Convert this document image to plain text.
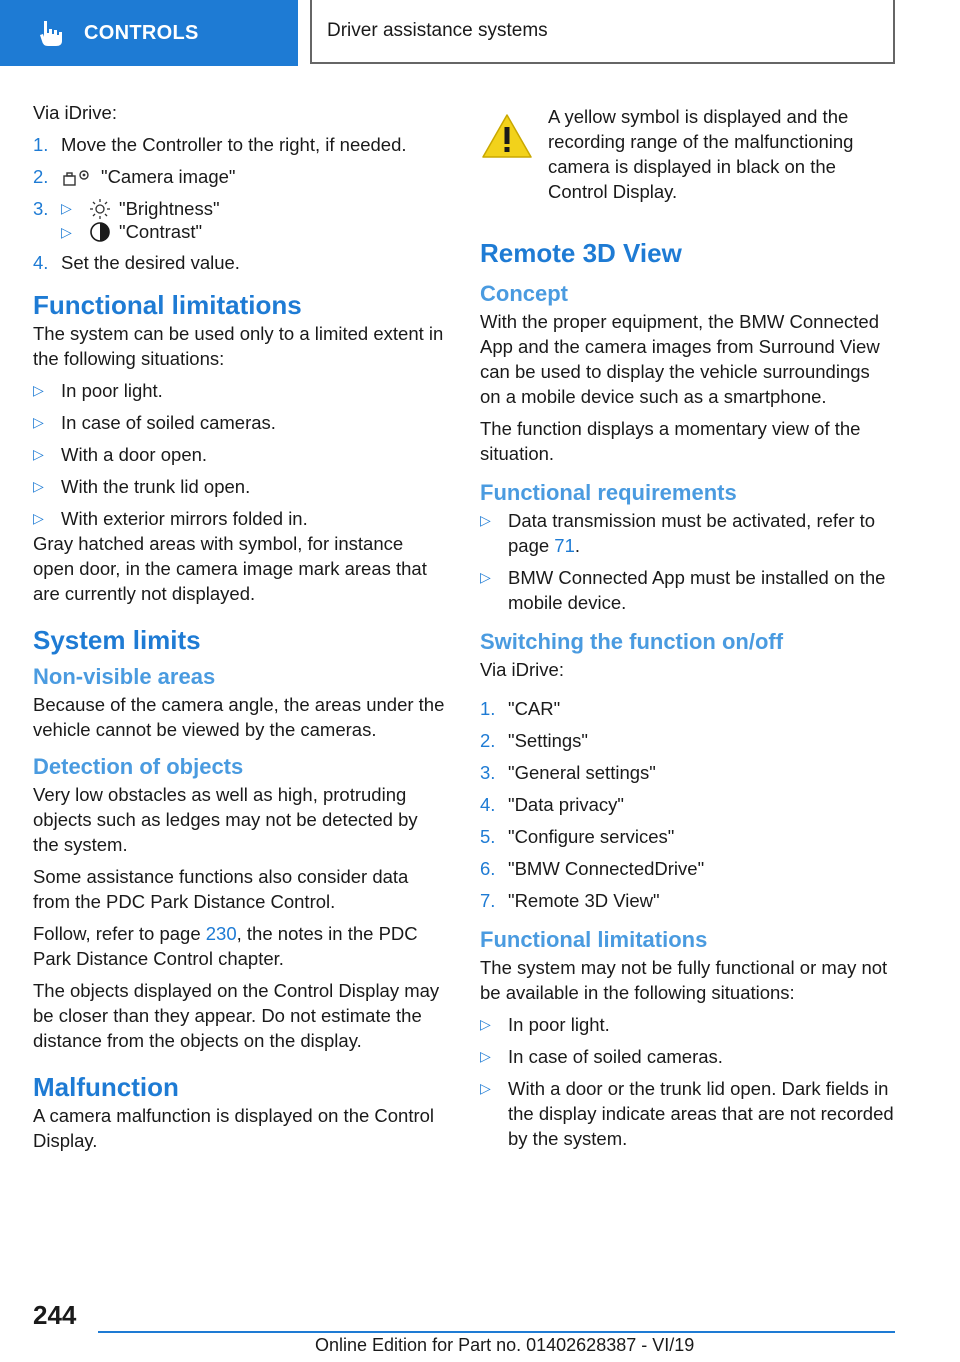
CONTROLS	Driver assistance systems

Via iDrive:

1. Move the Controller to the right, if needed.
2.	"Camera image"
3. ▷	"Brightness"
▷	"Contrast"
4. Set the desired value.
Functional limitations

The system can be used only to a limited extent in the following situations:

▷ In poor light.
▷ In case of soiled cameras.
▷ With a door open.
▷ With the trunk lid open.
▷ With exterior mirrors folded in.

Gray hatched areas with symbol, for instance open door, in the camera image mark areas that are currently not displayed.

System limits
Non-visible areas

Because of the camera angle, the areas under the vehicle cannot be viewed by the cameras.

Detection of objects

Very low obstacles as well as high, protruding objects such as ledges may not be detected by the system.

Some assistance functions also consider data from the PDC Park Distance Control.

Follow, refer to page 230, the notes in the PDC Park Distance Control chapter.

The objects displayed on the Control Display may be closer than they appear. Do not estimate the distance from the objects on the display.

Malfunction

A camera malfunction is displayed on the Control Display.

A yellow symbol is displayed and the recording range of the malfunctioning camera is displayed in black on the Control Display.

Remote 3D View
Concept

With the proper equipment, the BMW Connected App and the camera images from Surround View can be used to display the vehicle surroundings on a mobile device such as a smartphone.

The function displays a momentary view of the situation.

Functional requirements
▷ Data transmission must be activated, refer to page 71.
▷ BMW Connected App must be installed on the mobile device.
Switching the function on/off

Via iDrive:

1. "CAR"
2. "Settings"
3. "General settings"
4. "Data privacy"
5. "Configure services"
6. "BMW ConnectedDrive"
7. "Remote 3D View"
Functional limitations

The system may not be fully functional or may not be available in the following situations:

▷ In poor light.
▷ In case of soiled cameras.
▷ With a door or the trunk lid open. Dark fields in the display indicate areas that are not recorded by the system.
244
Online Edition for Part no. 01402628387 - VI/19
